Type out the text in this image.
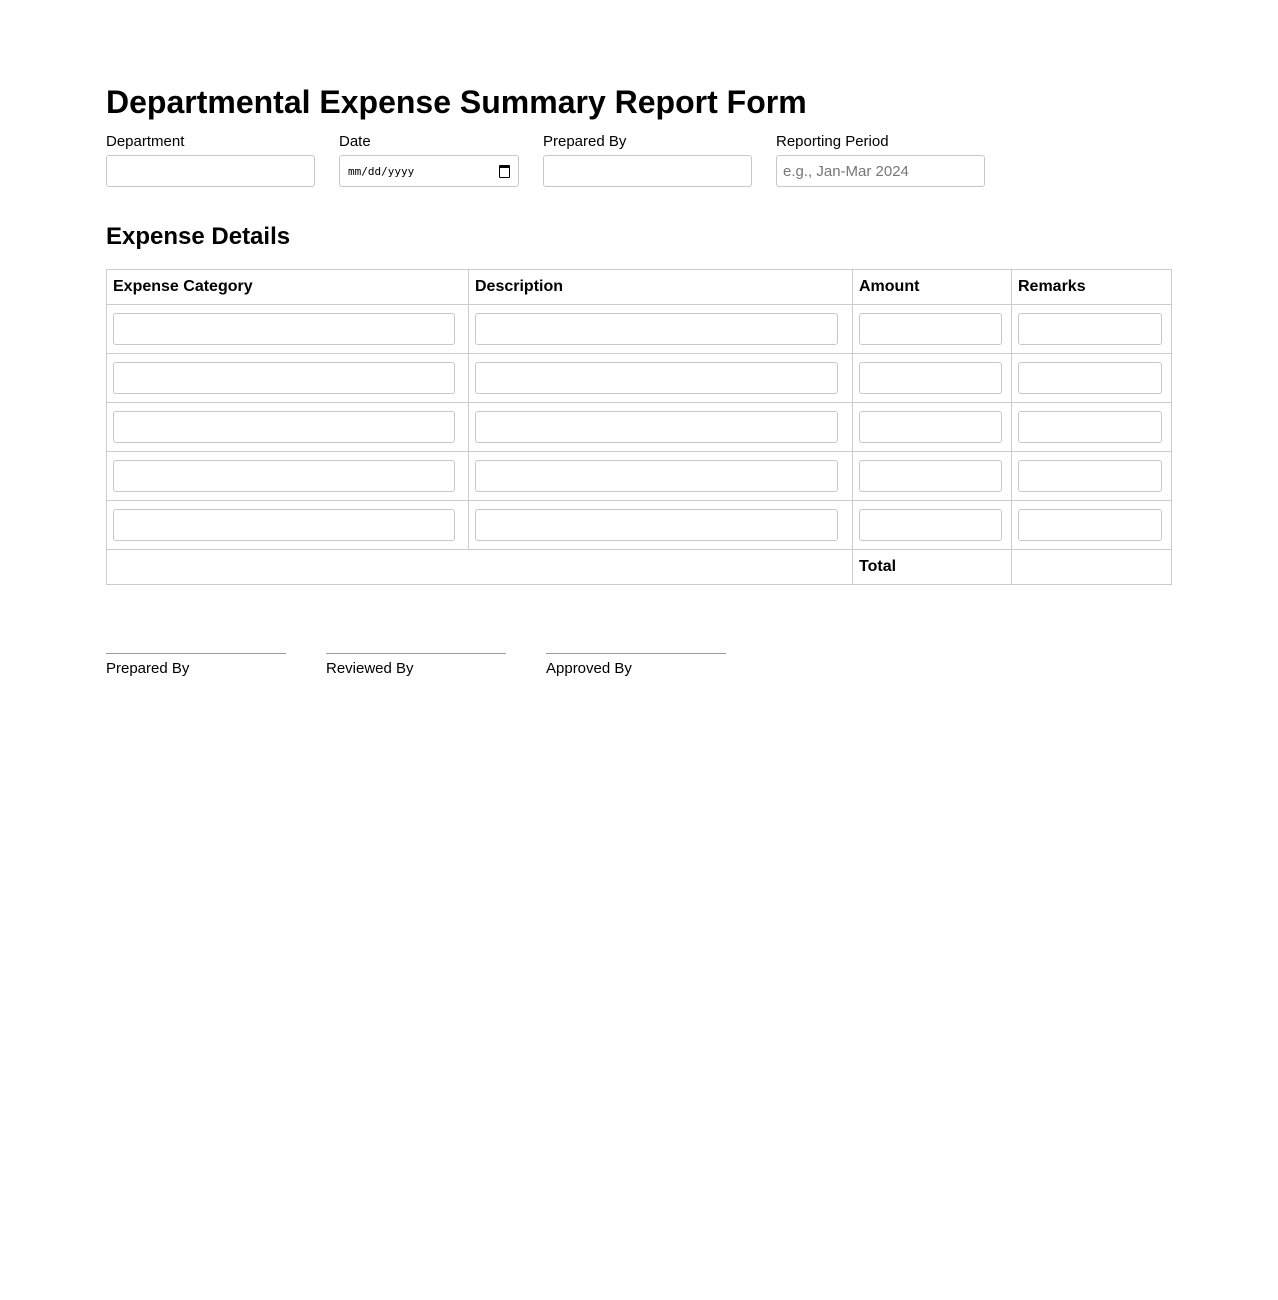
Departmental Expense Summary Report Form
Department	Date
mm/dd/yyyy
Prepared By	Reporting Period
e.g., Jan-Mar 2024
Expense Details
Expense Category	Description	Amount	Remarks

		Total	
Prepared By	Reviewed By	Approved By
